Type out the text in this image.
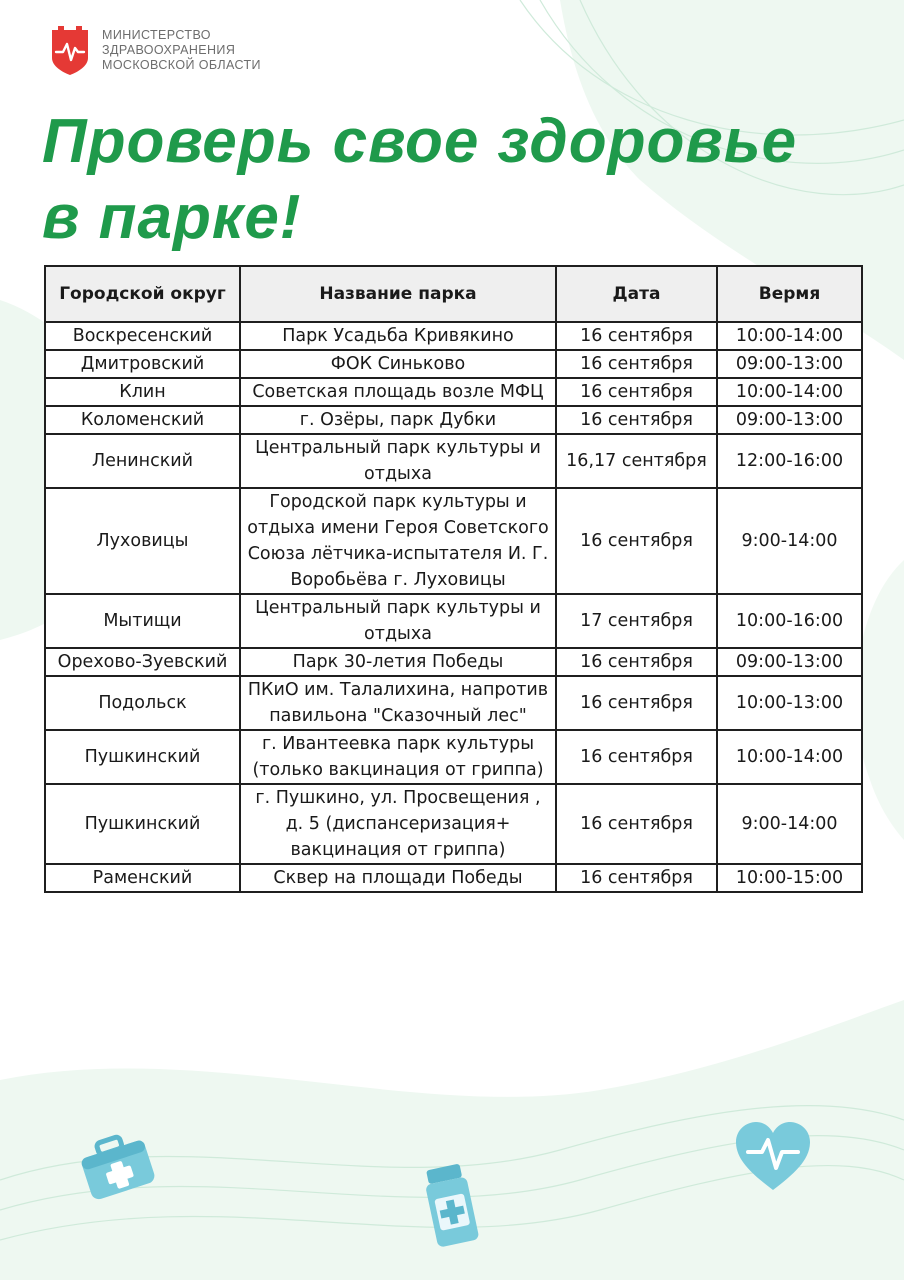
МИНИСТЕРСТВО
ЗДРАВООХРАНЕНИЯ
МОСКОВСКОЙ ОБЛАСТИ
Проверь свое здоровье
в парке!
Городской округ	Название парка	Дата	Вермя
Воскресенский	Парк Усадьба Кривякино	16 сентября	10:00-14:00
Дмитровский	ФОК Синьково	16 сентября	09:00-13:00
Клин	Советская площадь возле МФЦ	16 сентября	10:00-14:00
Коломенский	г. Озёры, парк Дубки	16 сентября	09:00-13:00
Ленинский	Центральный парк культуры и отдыха	16,17 сентября	12:00-16:00
Луховицы	Городской парк культуры и отдыха имени Героя Советского Союза лётчика-испытателя И. Г. Воробьёва г. Луховицы	16 сентября	9:00-14:00
Мытищи	Центральный парк культуры и отдыха	17 сентября	10:00-16:00
Орехово-Зуевский	Парк 30-летия Победы	16 сентября	09:00-13:00
Подольск	ПКиО им. Талалихина, напротив павильона "Сказочный лес"	16 сентября	10:00-13:00
Пушкинский	г. Ивантеевка парк культуры (только вакцинация от гриппа)	16 сентября	10:00-14:00
Пушкинский	г. Пушкино, ул. Просвещения , д. 5 (диспансеризация+ вакцинация от гриппа)	16 сентября	9:00-14:00
Раменский	Сквер на площади Победы	16 сентября	10:00-15:00
